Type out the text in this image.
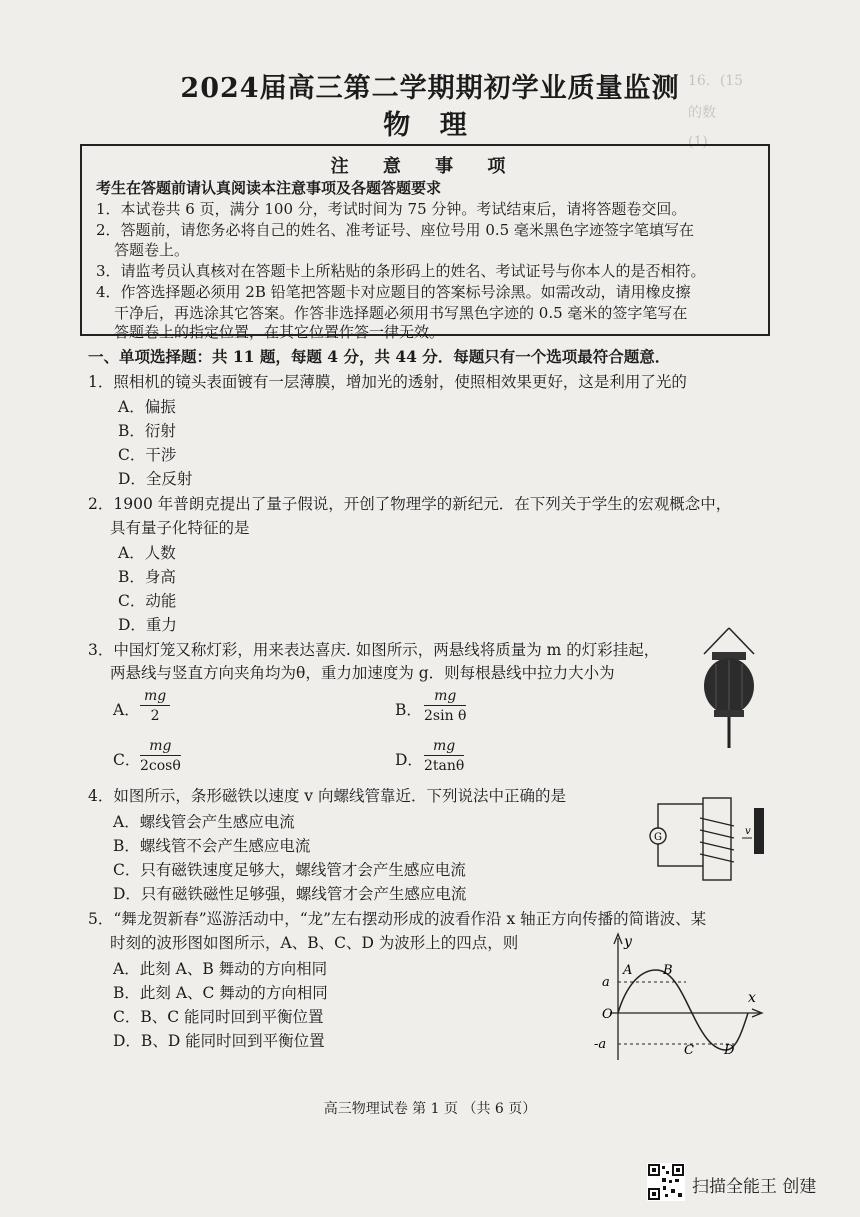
16．(15
的数
(1)
2024届高三第二学期期初学业质量监测
物 理
注 意 事 项
考生在答题前请认真阅读本注意事项及各题答题要求
1．本试卷共 6 页，满分 100 分，考试时间为 75 分钟。考试结束后，请将答题卷交回。
2．答题前，请您务必将自己的姓名、准考证号、座位号用 0.5 毫米黑色字迹签字笔填写在
答题卷上。
3．请监考员认真核对在答题卡上所粘贴的条形码上的姓名、考试证号与你本人的是否相符。
4．作答选择题必须用 2B 铅笔把答题卡对应题目的答案标号涂黑。如需改动，请用橡皮擦
干净后，再选涂其它答案。作答非选择题必须用书写黑色字迹的 0.5 毫米的签字笔写在
答题卷上的指定位置，在其它位置作答一律无效。
一、单项选择题：共 11 题，每题 4 分，共 44 分．每题只有一个选项最符合题意．
1．照相机的镜头表面镀有一层薄膜，增加光的透射，使照相效果更好，这是利用了光的
A．偏振
B．衍射
C．干涉
D．全反射
2．1900 年普朗克提出了量子假说，开创了物理学的新纪元．在下列关于学生的宏观概念中，
具有量子化特征的是
A．人数
B．身高
C．动能
D．重力
3．中国灯笼又称灯彩，用来表达喜庆. 如图所示，两悬线将质量为 m 的灯彩挂起，
两悬线与竖直方向夹角均为θ，重力加速度为 g．则每根悬线中拉力大小为
A． $\frac{mg}{2}$	B． $\frac{mg}{\text{2sin θ}}$
C． $\frac{mg}{2\cos\theta}$	D． $\frac{mg}{2\tan\theta}$
4．如图所示，条形磁铁以速度 v 向螺线管靠近．下列说法中正确的是
A．螺线管会产生感应电流
B．螺线管不会产生感应电流
C．只有磁铁速度足够大，螺线管才会产生感应电流
D．只有磁铁磁性足够强，螺线管才会产生感应电流
G
v
5．“舞龙贺新春”巡游活动中，“龙”左右摆动形成的波看作沿 x 轴正方向传播的简谐波、某
时刻的波形图如图所示，A、B、C、D 为波形上的四点，则
A．此刻 A、B 舞动的方向相同
B．此刻 A、C 舞动的方向相同
C．B、C 能同时回到平衡位置
D．B、D 能同时回到平衡位置
y
x
a
-a
O
A B
C D
高三物理试卷 第 1 页 （共 6 页）
扫描全能王 创建
